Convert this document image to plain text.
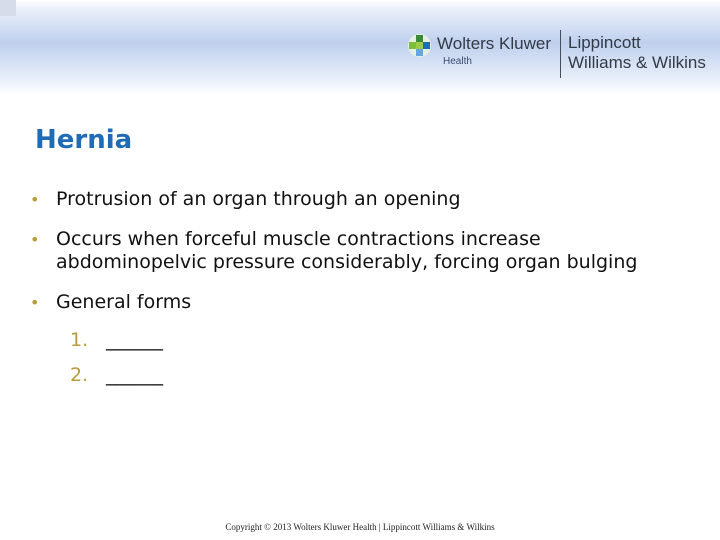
Wolters Kluwer
Health
Lippincott
Williams & Wilkins
Hernia
• Protrusion of an organ through an opening
• Occurs when forceful muscle contractions increase abdominopelvic pressure considerably, forcing organ bulging
• General forms
1. ______
2. ______
Copyright © 2013 Wolters Kluwer Health | Lippincott Williams & Wilkins
